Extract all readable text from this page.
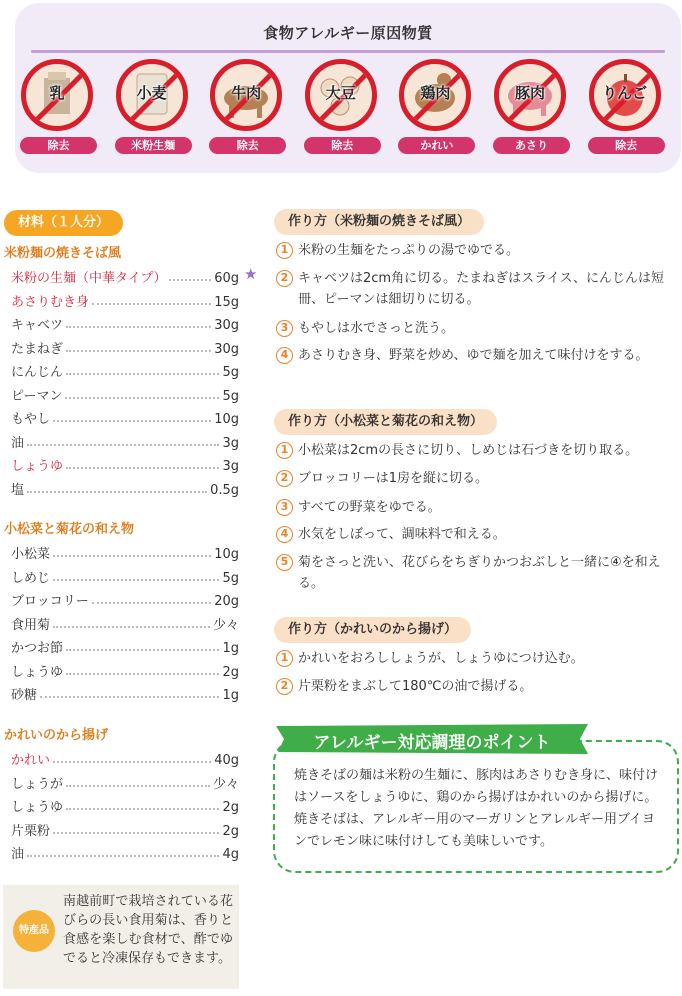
食物アレルギー原因物質
乳
除去
小麦
米粉生麺
牛肉
除去
大豆
除去
鶏肉
かれい
豚肉
あさり
りんご
除去
材料（１人分）
米粉麺の焼きそば風
米粉の生麺（中華タイプ）	60g ★
あさりむき身	15g
キャベツ	30g
たまねぎ	30g
にんじん	5g
ピーマン	5g
もやし	10g
油	3g
しょうゆ	3g
塩	0.5g
小松菜と菊花の和え物
小松菜	10g
しめじ	5g
ブロッコリー	20g
食用菊	少々
かつお節	1g
しょうゆ	2g
砂糖	1g
かれいのから揚げ
かれい	40g
しょうが	少々
しょうゆ	2g
片栗粉	2g
油	4g
作り方（米粉麺の焼きそば風）
1 米粉の生麺をたっぷりの湯でゆでる。
2 キャベツは2cm角に切る。たまねぎはスライス、にんじんは短冊、ピーマンは細切りに切る。
3 もやしは水でさっと洗う。
4 あさりむき身、野菜を炒め、ゆで麺を加えて味付けをする。
作り方（小松菜と菊花の和え物）
1 小松菜は2cmの長さに切り、しめじは石づきを切り取る。
2 ブロッコリーは1房を縦に切る。
3 すべての野菜をゆでる。
4 水気をしぼって、調味料で和える。
5 菊をさっと洗い、花びらをちぎりかつおぶしと一緒に④を和える。
作り方（かれいのから揚げ）
1 かれいをおろししょうが、しょうゆにつけ込む。
2 片栗粉をまぶして180℃の油で揚げる。
アレルギー対応調理のポイント
焼きそばの麺は米粉の生麺に、豚肉はあさりむき身に、味付けはソースをしょうゆに、鶏のから揚げはかれいのから揚げに。焼きそばは、アレルギー用のマーガリンとアレルギー用ブイヨンでレモン味に味付けしても美味しいです。
特産品
南越前町で栽培されている花びらの長い食用菊は、香りと食感を楽しむ食材で、酢でゆでると冷凍保存もできます。
